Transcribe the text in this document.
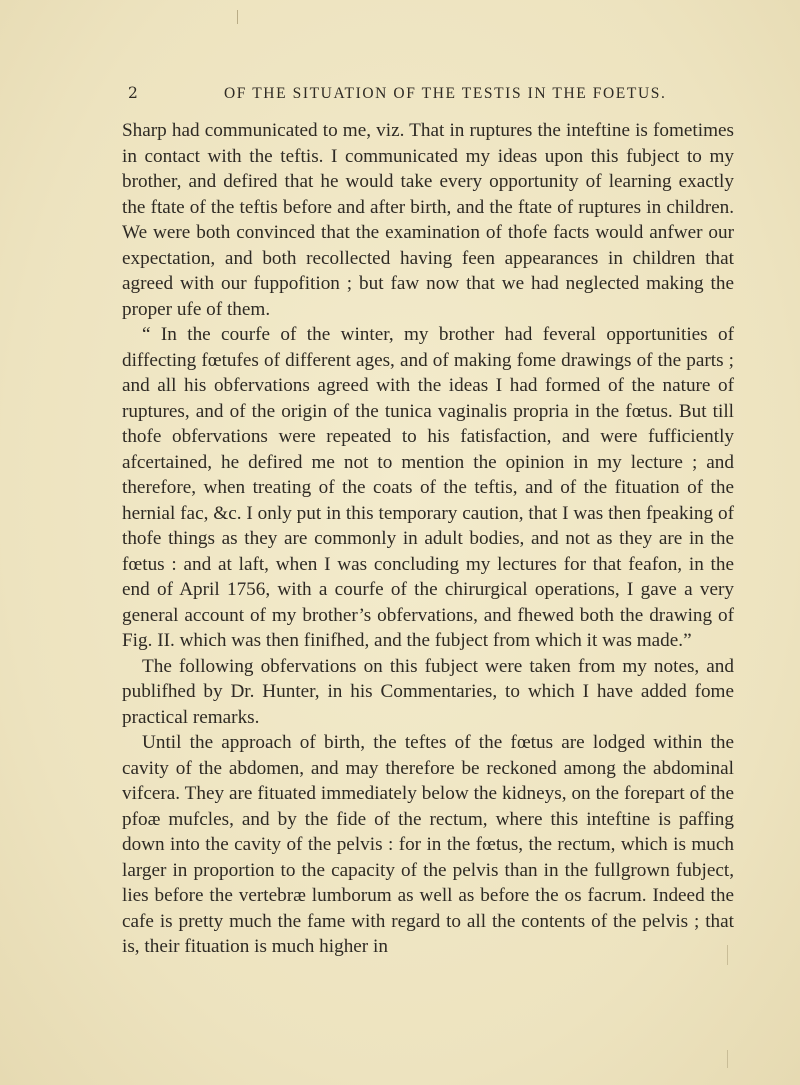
2	OF THE SITUATION OF THE TESTIS IN THE FOETUS.

Sharp had communicated to me, viz. That in ruptures the inteftine is fometimes in contact with the teftis. I communicated my ideas upon this fubject to my brother, and defired that he would take every opportunity of learning exactly the ftate of the teftis before and after birth, and the ftate of ruptures in children. We were both convinced that the examination of thofe facts would anfwer our expectation, and both recollected having feen appearances in children that agreed with our fuppofition ; but faw now that we had neglected making the proper ufe of them.

“ In the courfe of the winter, my brother had feveral opportunities of diffecting fœtufes of different ages, and of making fome drawings of the parts ; and all his obfervations agreed with the ideas I had formed of the nature of ruptures, and of the origin of the tunica vaginalis propria in the fœtus. But till thofe obfervations were repeated to his fatisfaction, and were fufficiently afcertained, he defired me not to mention the opinion in my lecture ; and therefore, when treating of the coats of the teftis, and of the fituation of the hernial fac, &c. I only put in this temporary caution, that I was then fpeaking of thofe things as they are commonly in adult bodies, and not as they are in the fœtus : and at laft, when I was concluding my lectures for that feafon, in the end of April 1756, with a courfe of the chirurgical operations, I gave a very general account of my brother’s obfervations, and fhewed both the drawing of Fig. II. which was then finifhed, and the fubject from which it was made.”

The following obfervations on this fubject were taken from my notes, and publifhed by Dr. Hunter, in his Commentaries, to which I have added fome practical remarks.

Until the approach of birth, the teftes of the fœtus are lodged within the cavity of the abdomen, and may therefore be reckoned among the abdominal vifcera. They are fituated immediately below the kidneys, on the forepart of the pfoæ mufcles, and by the fide of the rectum, where this inteftine is paffing down into the cavity of the pelvis : for in the fœtus, the rectum, which is much larger in proportion to the capacity of the pelvis than in the fullgrown fubject, lies before the vertebræ lumborum as well as before the os facrum. Indeed the cafe is pretty much the fame with regard to all the contents of the pelvis ; that is, their fituation is much higher in
